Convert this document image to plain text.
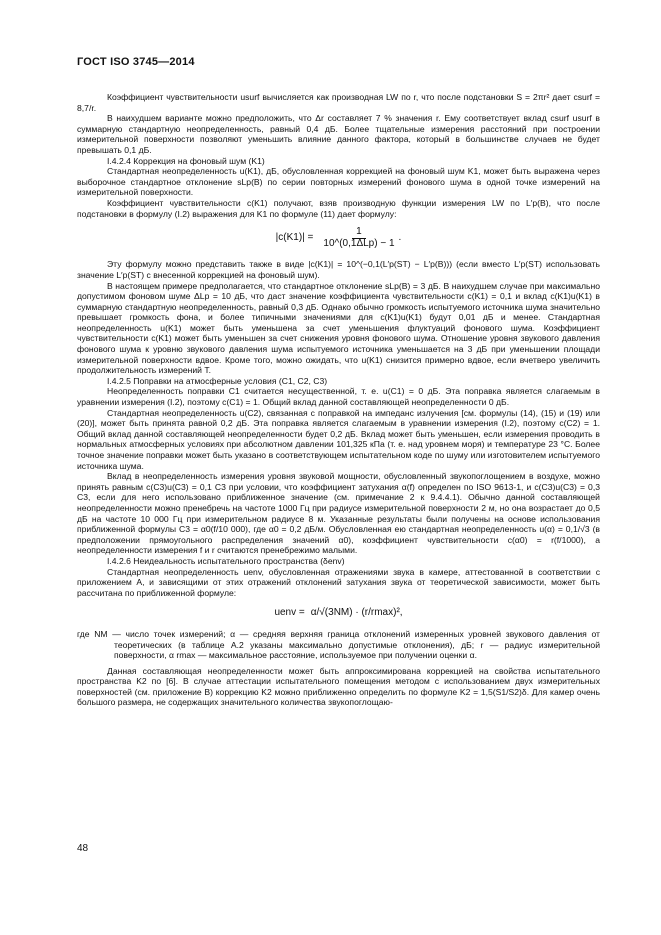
ГОСТ ISO 3745—2014

Коэффициент чувствительности usurf вычисляется как производная LW по r, что после подстановки S = 2πr² дает csurf = 8,7/r.

В наихудшем варианте можно предположить, что Δr составляет 7 % значения r. Ему соответствует вклад csurf usurf в суммарную стандартную неопределенность, равный 0,4 дБ. Более тщательные измерения расстояний при построении измерительной поверхности позволяют уменьшить влияние данного фактора, который в большинстве случаев не будет превышать 0,1 дБ.

I.4.2.4 Коррекция на фоновый шум (K1)

Стандартная неопределенность u(K1), дБ, обусловленная коррекцией на фоновый шум K1, может быть выражена через выборочное стандартное отклонение sLp(B) по серии повторных измерений фонового шума в одной точке измерений на измерительной поверхности.

Коэффициент чувствительности c(K1) получают, взяв производную функции измерения LW по L′p(B), что после подстановки в формулу (I.2) выражения для K1 по формуле (11) дает формулу:

$|c(K1)| = \frac{1}{\text{10\textasciicircum{}(0,1ΔLp) − 1}}$ .

Эту формулу можно представить также в виде |c(K1)| = 10^(−0,1(L′p(ST) − L′p(B))) (если вместо L′p(ST) использовать значение L′p(ST) с внесенной коррекцией на фоновый шум).

В настоящем примере предполагается, что стандартное отклонение sLp(B) = 3 дБ. В наихудшем случае при максимально допустимом фоновом шуме ΔLp = 10 дБ, что даст значение коэффициента чувствительности c(K1) = 0,1 и вклад c(K1)u(K1) в суммарную стандартную неопределенность, равный 0,3 дБ. Однако обычно громкость испытуемого источника шума значительно превышает громкость фона, и более типичными значениями для c(K1)u(K1) будут 0,01 дБ и менее. Стандартная неопределенность u(K1) может быть уменьшена за счет уменьшения флуктуаций фонового шума. Коэффициент чувствительности c(K1) может быть уменьшен за счет снижения уровня фонового шума. Отношение уровня звукового давления фонового шума к уровню звукового давления шума испытуемого источника уменьшается на 3 дБ при уменьшении площади измерительной поверхности вдвое. Кроме того, можно ожидать, что u(K1) снизится примерно вдвое, если вчетверо увеличить продолжительность измерений T.

I.4.2.5 Поправки на атмосферные условия (C1, C2, C3)

Неопределенность поправки C1 считается несущественной, т. е. u(C1) = 0 дБ. Эта поправка является слагаемым в уравнении измерения (I.2), поэтому c(C1) = 1. Общий вклад данной составляющей неопределенности 0 дБ.

Стандартная неопределенность u(C2), связанная с поправкой на импеданс излучения [см. формулы (14), (15) и (19) или (20)], может быть принята равной 0,2 дБ. Эта поправка является слагаемым в уравнении измерения (I.2), поэтому c(C2) = 1. Общий вклад данной составляющей неопределенности будет 0,2 дБ. Вклад может быть уменьшен, если измерения проводить в нормальных атмосферных условиях при абсолютном давлении 101,325 кПа (т. е. над уровнем моря) и температуре 23 °C. Более точное значение поправки может быть указано в соответствующем испытательном коде по шуму или изготовителем испытуемого источника шума.

Вклад в неопределенность измерения уровня звуковой мощности, обусловленный звукопоглощением в воздухе, можно принять равным c(C3)u(C3) = 0,1 C3 при условии, что коэффициент затухания α(f) определен по ISO 9613-1, и c(C3)u(C3) = 0,3 C3, если для него использовано приближенное значение (см. примечание 2 к 9.4.4.1). Обычно данной составляющей неопределенности можно пренебречь на частоте 1000 Гц при радиусе измерительной поверхности 2 м, но она возрастает до 0,5 дБ на частоте 10 000 Гц при измерительном радиусе 8 м. Указанные результаты были получены на основе использования приближенной формулы C3 = α0(f/10 000), где α0 = 0,2 дБ/м. Обусловленная ею стандартная неопределенность u(α) = 0,1/√3 (в предположении прямоугольного распределения значений α0), коэффициент чувствительности c(α0) = r(f/1000), а неопределенности измерения f и r считаются пренебрежимо малыми.

I.4.2.6 Неидеальность испытательного пространства (δenv)

Стандартная неопределенность uenv, обусловленная отражениями звука в камере, аттестованной в соответствии с приложением А, и зависящими от этих отражений отклонений затухания звука от теоретической зависимости, может быть рассчитана по приближенной формуле:

uenv = α/√(3NM) · (r/rmax)² ,

где NM — число точек измерений; α — средняя верхняя граница отклонений измеренных уровней звукового давления от теоретических (в таблице А.2 указаны максимально допустимые отклонения), дБ; r — радиус измерительной поверхности, α rmax — максимальное расстояние, используемое при получении оценки α.

Данная составляющая неопределенности может быть аппроксимирована коррекцией на свойства испытательного пространства K2 по [6]. В случае аттестации испытательного помещения методом с использованием двух измерительных поверхностей (см. приложение В) коррекцию K2 можно приближенно определить по формуле K2 = 1,5(S1/S2)δ. Для камер очень большого размера, не содержащих значительного количества звукопоглощаю-

48
